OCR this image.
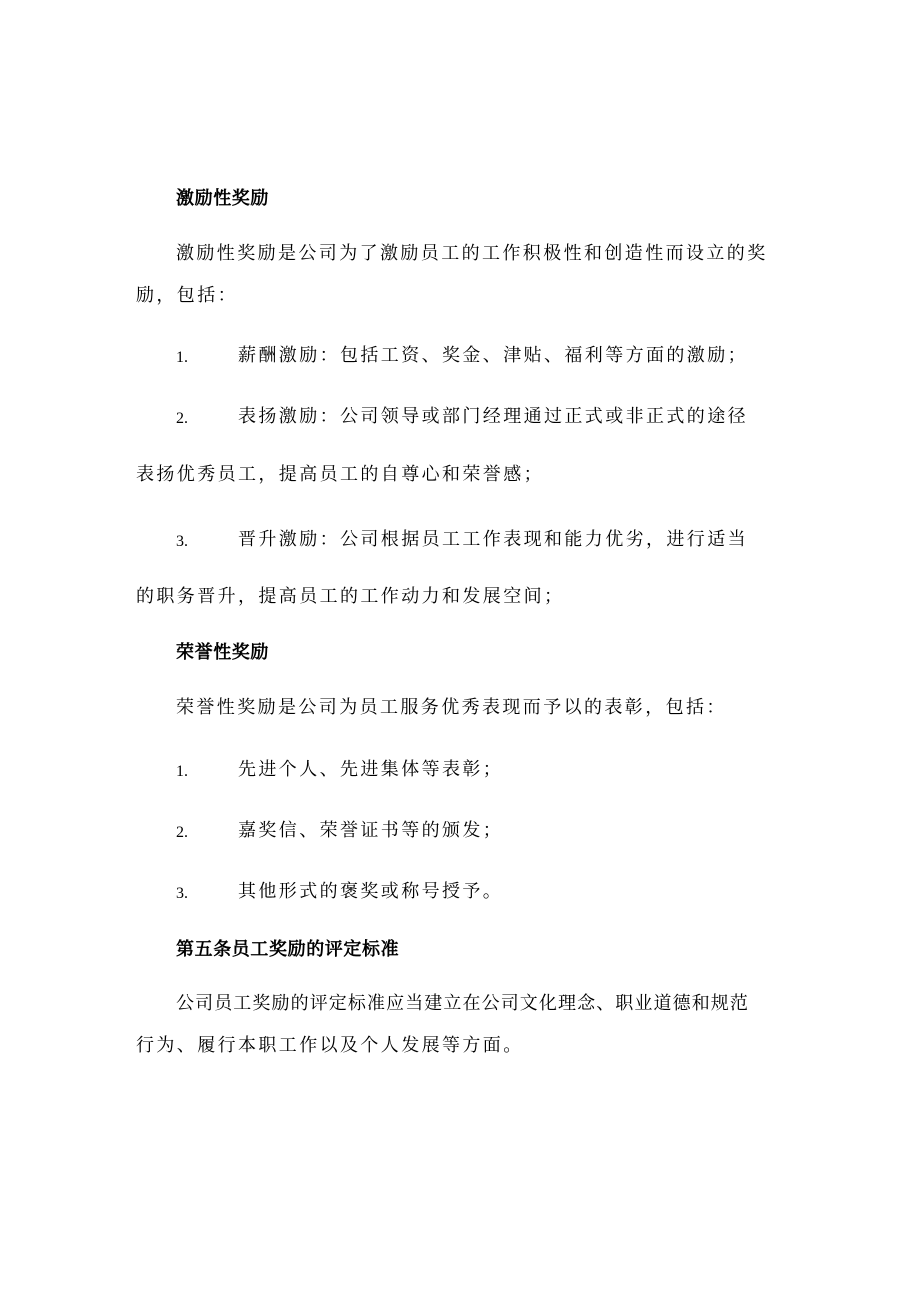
激励性奖励
激励性奖励是公司为了激励员工的工作积极性和创造性而设立的奖
励，包括：
1.	薪酬激励：包括工资、奖金、津贴、福利等方面的激励；
2.	表扬激励：公司领导或部门经理通过正式或非正式的途径
表扬优秀员工，提高员工的自尊心和荣誉感；
3.	晋升激励：公司根据员工工作表现和能力优劣，进行适当
的职务晋升，提高员工的工作动力和发展空间；
荣誉性奖励
荣誉性奖励是公司为员工服务优秀表现而予以的表彰，包括：
1.	先进个人、先进集体等表彰；
2.	嘉奖信、荣誉证书等的颁发；
3.	其他形式的褒奖或称号授予。
第五条员工奖励的评定标准
公司员工奖励的评定标准应当建立在公司文化理念、职业道德和规范
行为、履行本职工作以及个人发展等方面。
